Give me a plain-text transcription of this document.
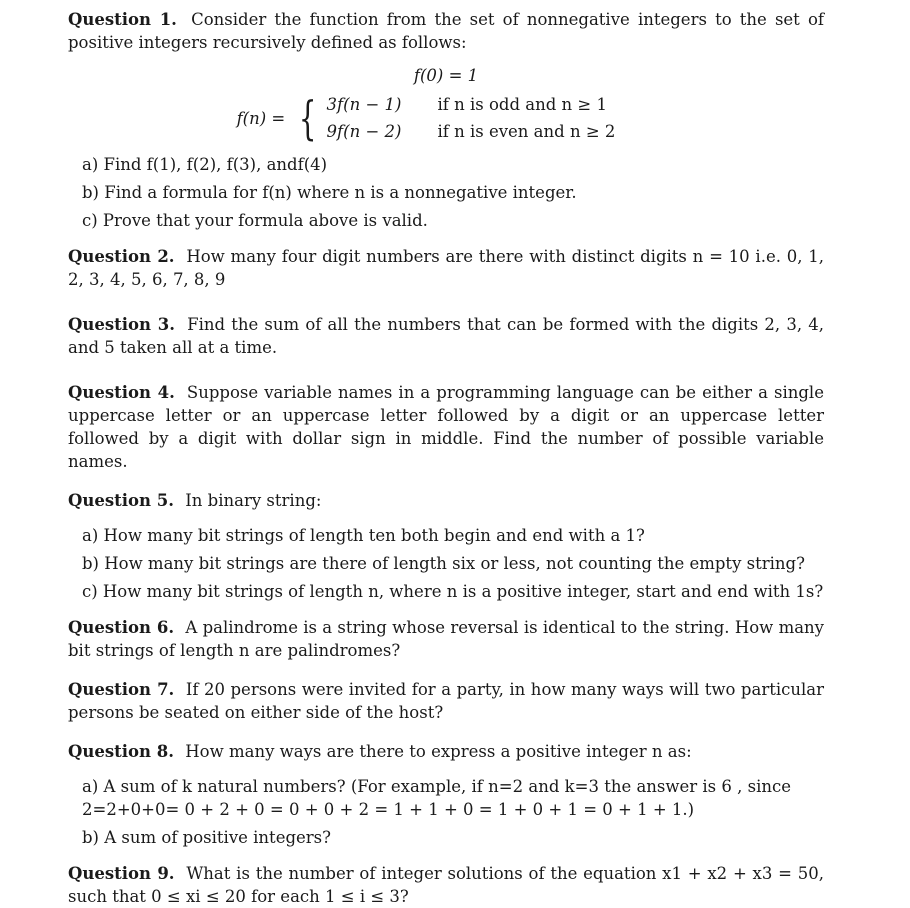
Question 1. Consider the function from the set of nonnegative integers to the set of positive integers recursively defined as follows:

f(0) = 1
f(n) = { 3f(n − 1) if n is odd and n ≥ 1
9f(n − 2) if n is even and n ≥ 2

a) Find f(1), f(2), f(3), andf(4)

b) Find a formula for f(n) where n is a nonnegative integer.

c) Prove that your formula above is valid.

Question 2. How many four digit numbers are there with distinct digits n = 10 i.e. 0, 1, 2, 3, 4, 5, 6, 7, 8, 9

Question 3. Find the sum of all the numbers that can be formed with the digits 2, 3, 4, and 5 taken all at a time.

Question 4. Suppose variable names in a programming language can be either a single uppercase letter or an uppercase letter followed by a digit or an uppercase letter followed by a digit with dollar sign in middle. Find the number of possible variable names.

Question 5. In binary string:

a) How many bit strings of length ten both begin and end with a 1?

b) How many bit strings are there of length six or less, not counting the empty string?

c) How many bit strings of length n, where n is a positive integer, start and end with 1s?

Question 6. A palindrome is a string whose reversal is identical to the string. How many bit strings of length n are palindromes?

Question 7. If 20 persons were invited for a party, in how many ways will two particular persons be seated on either side of the host?

Question 8. How many ways are there to express a positive integer n as:

a) A sum of k natural numbers? (For example, if n=2 and k=3 the answer is 6 , since 2=2+0+0= 0 + 2 + 0 = 0 + 0 + 2 = 1 + 1 + 0 = 1 + 0 + 1 = 0 + 1 + 1.)

b) A sum of positive integers?

Question 9. What is the number of integer solutions of the equation x1 + x2 + x3 = 50, such that 0 ≤ xi ≤ 20 for each 1 ≤ i ≤ 3?
